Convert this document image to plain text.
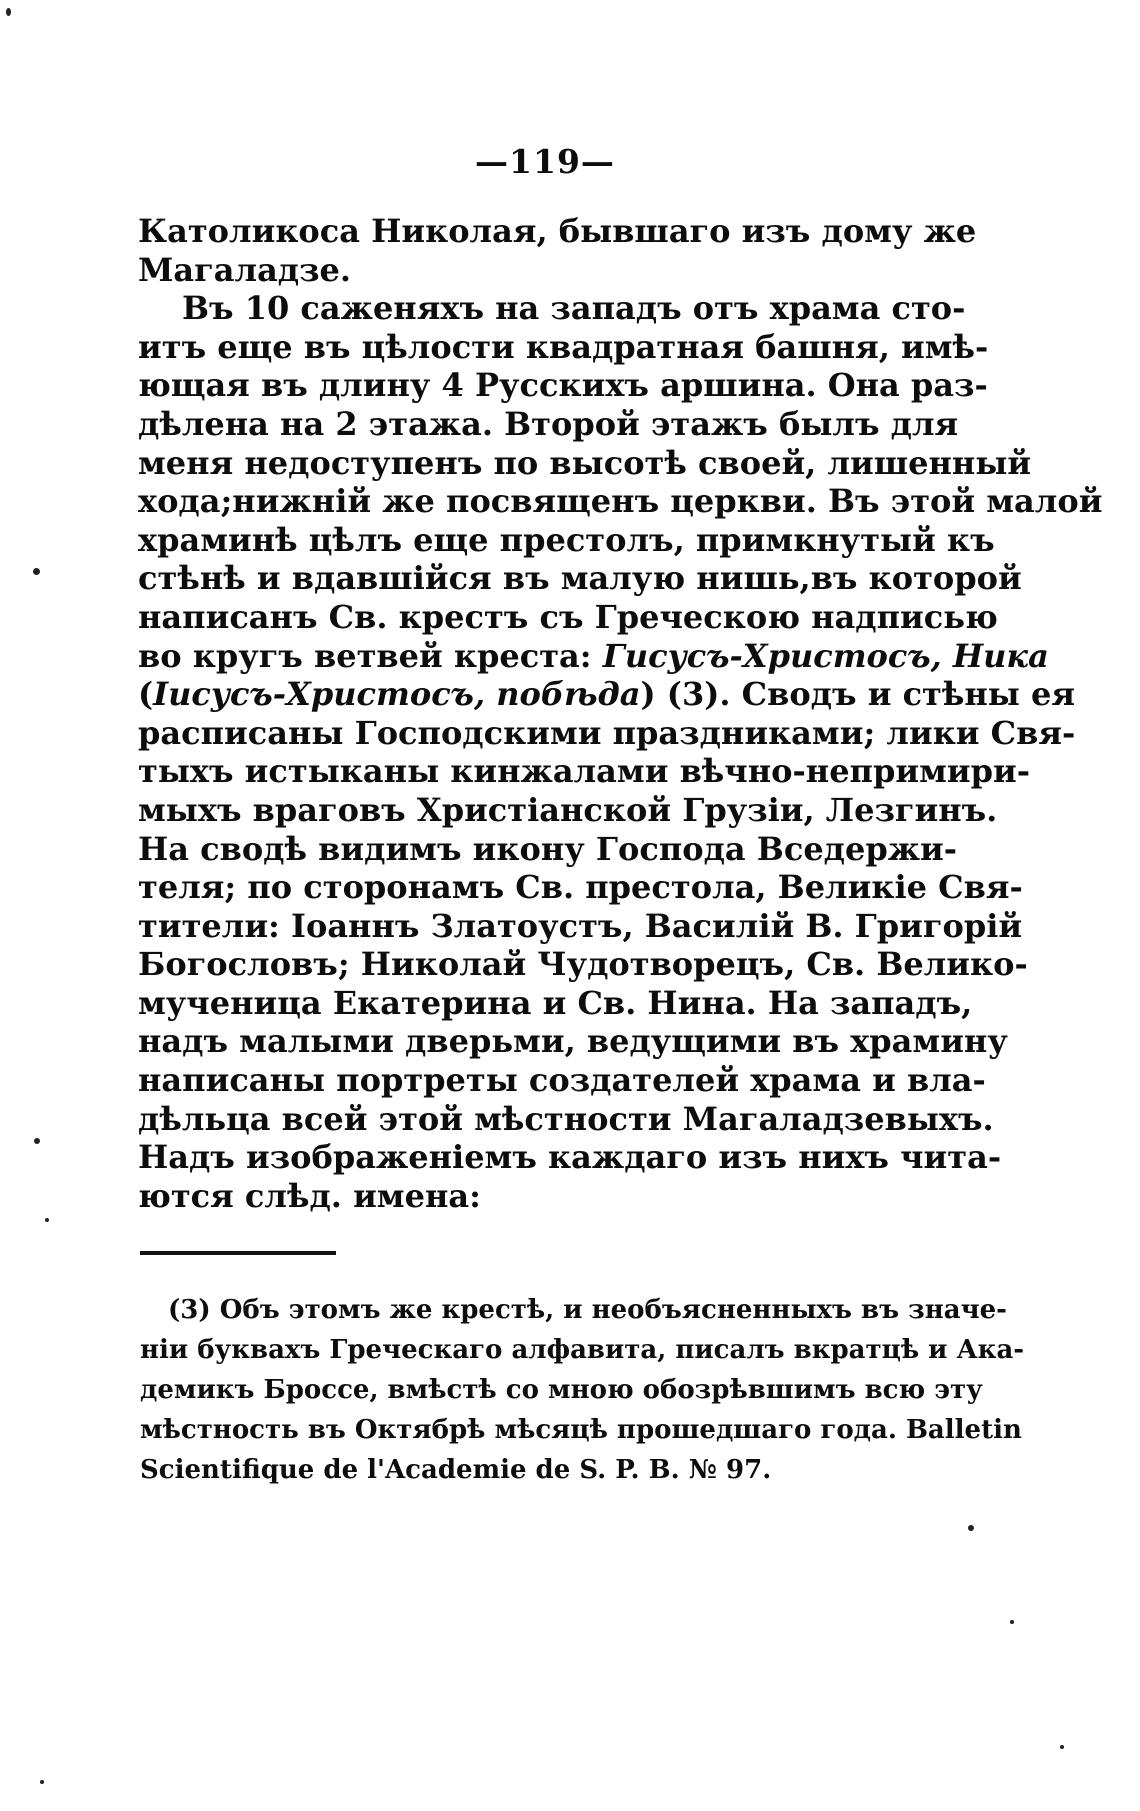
—119—
Католикоса Николая, бывшаго изъ дому же
Магаладзе.
Въ 10 саженяхъ на западъ отъ храма сто-
итъ еще въ цѣлости квадратная башня, имѣ-
ющая въ длину 4 Русскихъ аршина. Она раз-
дѣлена на 2 этажа. Второй этажъ былъ для
меня недоступенъ по высотѣ своей, лишенный
хода;нижній же посвященъ церкви. Въ этой малой
храминѣ цѣлъ еще престолъ, примкнутый къ
стѣнѣ и вдавшійся въ малую нишь,въ которой
написанъ Св. крестъ съ Греческою надписью
во кругъ ветвей креста: Гисусъ-Христосъ, Ника
(Іисусъ-Христосъ, побѣда) (3). Сводъ и стѣны ея
расписаны Господскими праздниками; лики Свя-
тыхъ истыканы кинжалами вѣчно-непримири-
мыхъ враговъ Христіанской Грузіи, Лезгинъ.
На сводѣ видимъ икону Господа Вседержи-
теля; по сторонамъ Св. престола, Великіе Свя-
тители: Іоаннъ Златоустъ, Василій В. Григорій
Богословъ; Николай Чудотворецъ, Св. Велико-
мученица Екатерина и Св. Нина. На западъ,
надъ малыми дверьми, ведущими въ храмину
написаны портреты создателей храма и вла-
дѣльца всей этой мѣстности Магаладзевыхъ.
Надъ изображеніемъ каждаго изъ нихъ чита-
ются слѣд. имена:
(3) Объ этомъ же крестѣ, и необъясненныхъ въ значе-
ніи буквахъ Греческаго алфавита, писалъ вкратцѣ и Ака-
демикъ Броссе, вмѣстѣ со мною обозрѣвшимъ всю эту
мѣстность въ Октябрѣ мѣсяцѣ прошедшаго года. Balletin
Scientifique de l'Academie de S. P. B. № 97.
